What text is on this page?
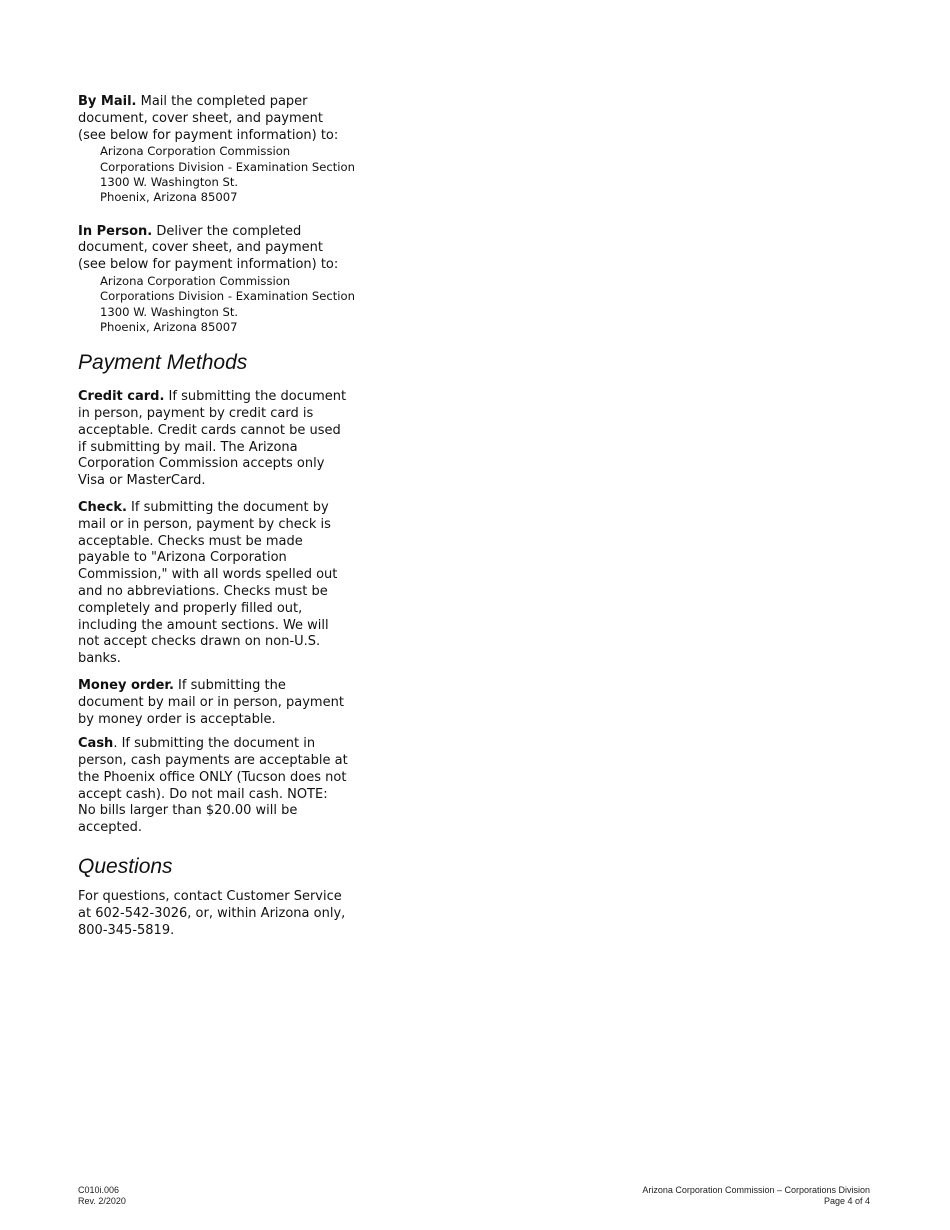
By Mail. Mail the completed paper document, cover sheet, and payment (see below for payment information) to:

Arizona Corporation Commission

Corporations Division - Examination Section

1300 W. Washington St.

Phoenix, Arizona 85007

In Person. Deliver the completed document, cover sheet, and payment (see below for payment information) to:

Arizona Corporation Commission

Corporations Division - Examination Section

1300 W. Washington St.

Phoenix, Arizona 85007

Payment Methods

Credit card. If submitting the document in person, payment by credit card is acceptable. Credit cards cannot be used if submitting by mail. The Arizona Corporation Commission accepts only Visa or MasterCard.

Check. If submitting the document by mail or in person, payment by check is acceptable. Checks must be made payable to "Arizona Corporation Commission," with all words spelled out and no abbreviations. Checks must be completely and properly filled out, including the amount sections. We will not accept checks drawn on non-U.S. banks.

Money order. If submitting the document by mail or in person, payment by money order is acceptable.

Cash. If submitting the document in person, cash payments are acceptable at the Phoenix office ONLY (Tucson does not accept cash). Do not mail cash. NOTE: No bills larger than $20.00 will be accepted.

Questions

For questions, contact Customer Service at 602-542-3026, or, within Arizona only, 800-345-5819.

C010i.006
Rev. 2/2020
Arizona Corporation Commission – Corporations Division
Page 4 of 4
